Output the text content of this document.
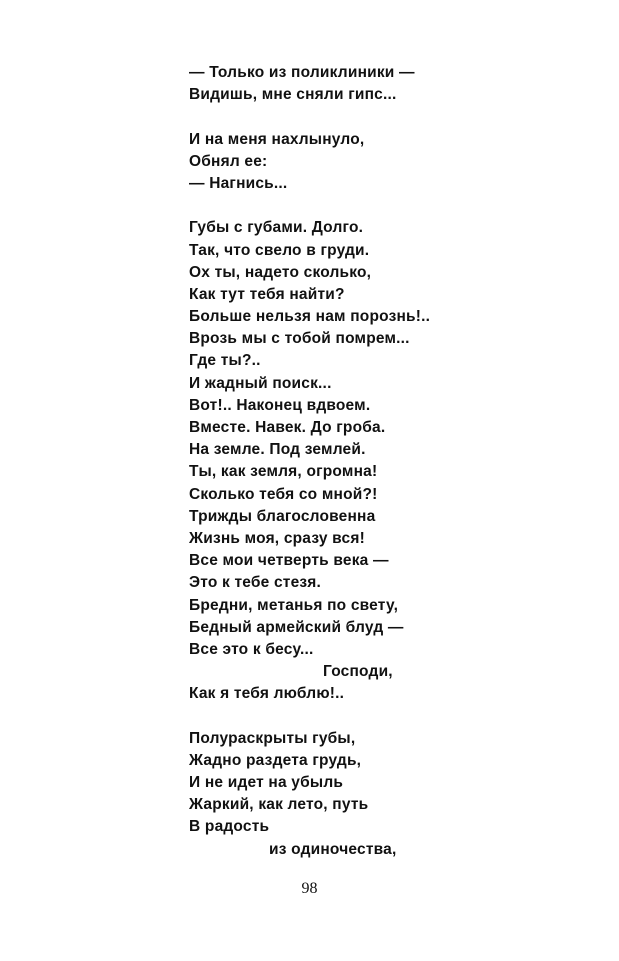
— Только из поликлиники —
Видишь, мне сняли гипс...
И на меня нахлынуло,
Обнял ее:
— Нагнись...
Губы с губами. Долго.
Так, что свело в груди.
Ох ты, надето сколько,
Как тут тебя найти?
Больше нельзя нам порознь!..
Врозь мы с тобой помрем...
Где ты?..
И жадный поиск...
Вот!.. Наконец вдвоем.
Вместе. Навек. До гроба.
На земле. Под землей.
Ты, как земля, огромна!
Сколько тебя со мной?!
Трижды благословенна
Жизнь моя, сразу вся!
Все мои четверть века —
Это к тебе стезя.
Бредни, метанья по свету,
Бедный армейский блуд —
Все это к бесу...
Господи,
Как я тебя люблю!..
Полураскрыты губы,
Жадно раздета грудь,
И не идет на убыль
Жаркий, как лето, путь
В радость
из одиночества,
98
